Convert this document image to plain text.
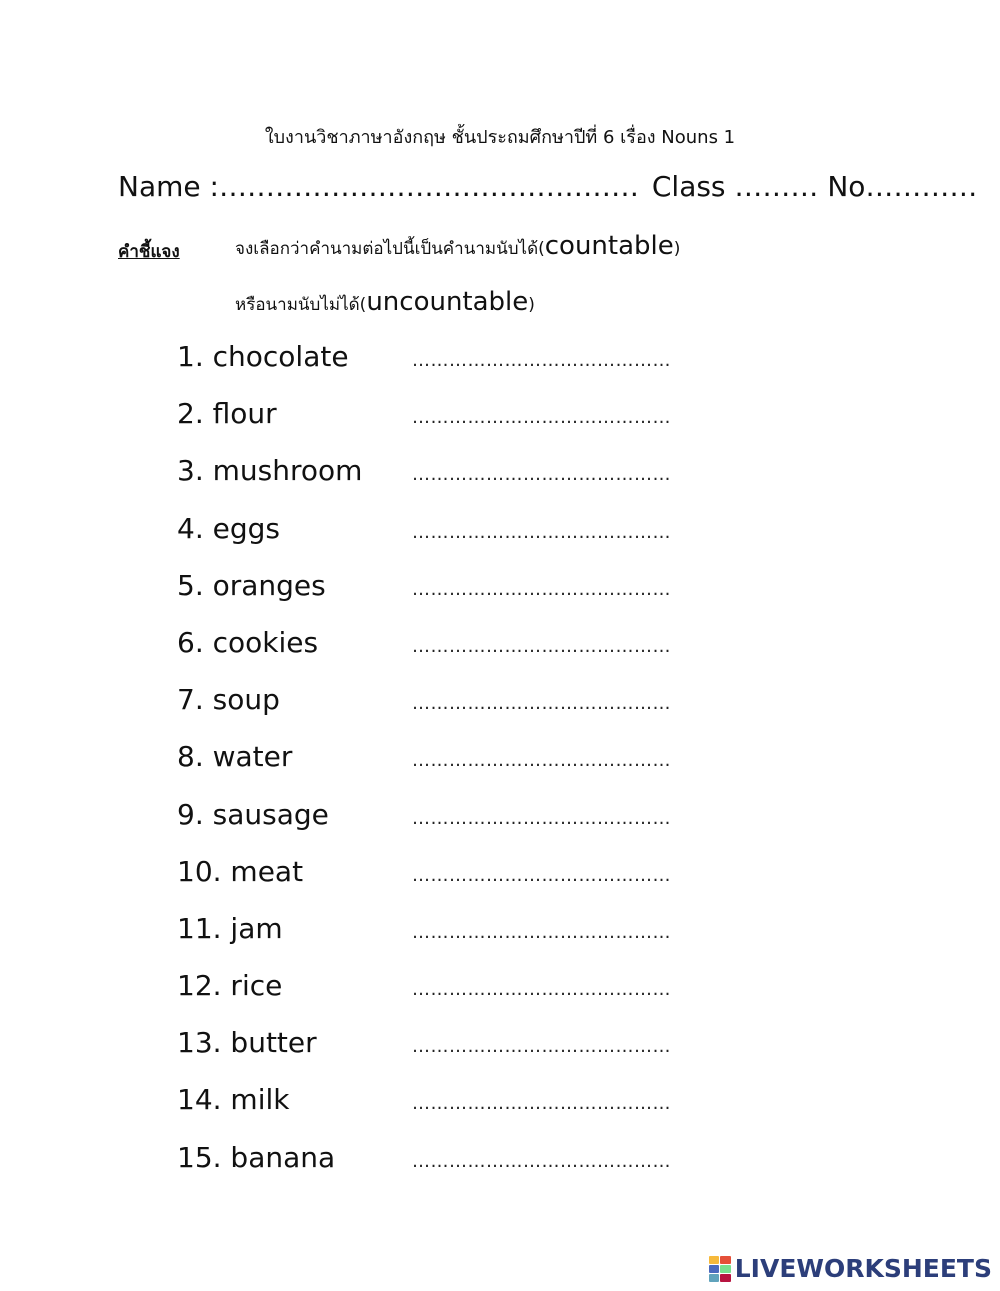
ใบงานวิชาภาษาอังกฤษ ชั้นประถมศึกษาปีที่ 6 เรื่อง Nouns 1
Name :……………………………………… Class ……… No…………
คำชี้แจง	จงเลือกว่าคำนามต่อไปนี้เป็นคำนามนับได้(countable)
หรือนามนับไม่ได้(uncountable)
1. chocolate	……………………………………
2. flour	……………………………………
3. mushroom	……………………………………
4. eggs	……………………………………
5. oranges	……………………………………
6. cookies	……………………………………
7. soup	……………………………………
8. water	……………………………………
9. sausage	……………………………………
10. meat	……………………………………
11. jam	……………………………………
12. rice	……………………………………
13. butter	……………………………………
14. milk	……………………………………
15. banana	……………………………………
LIVEWORKSHEETS
